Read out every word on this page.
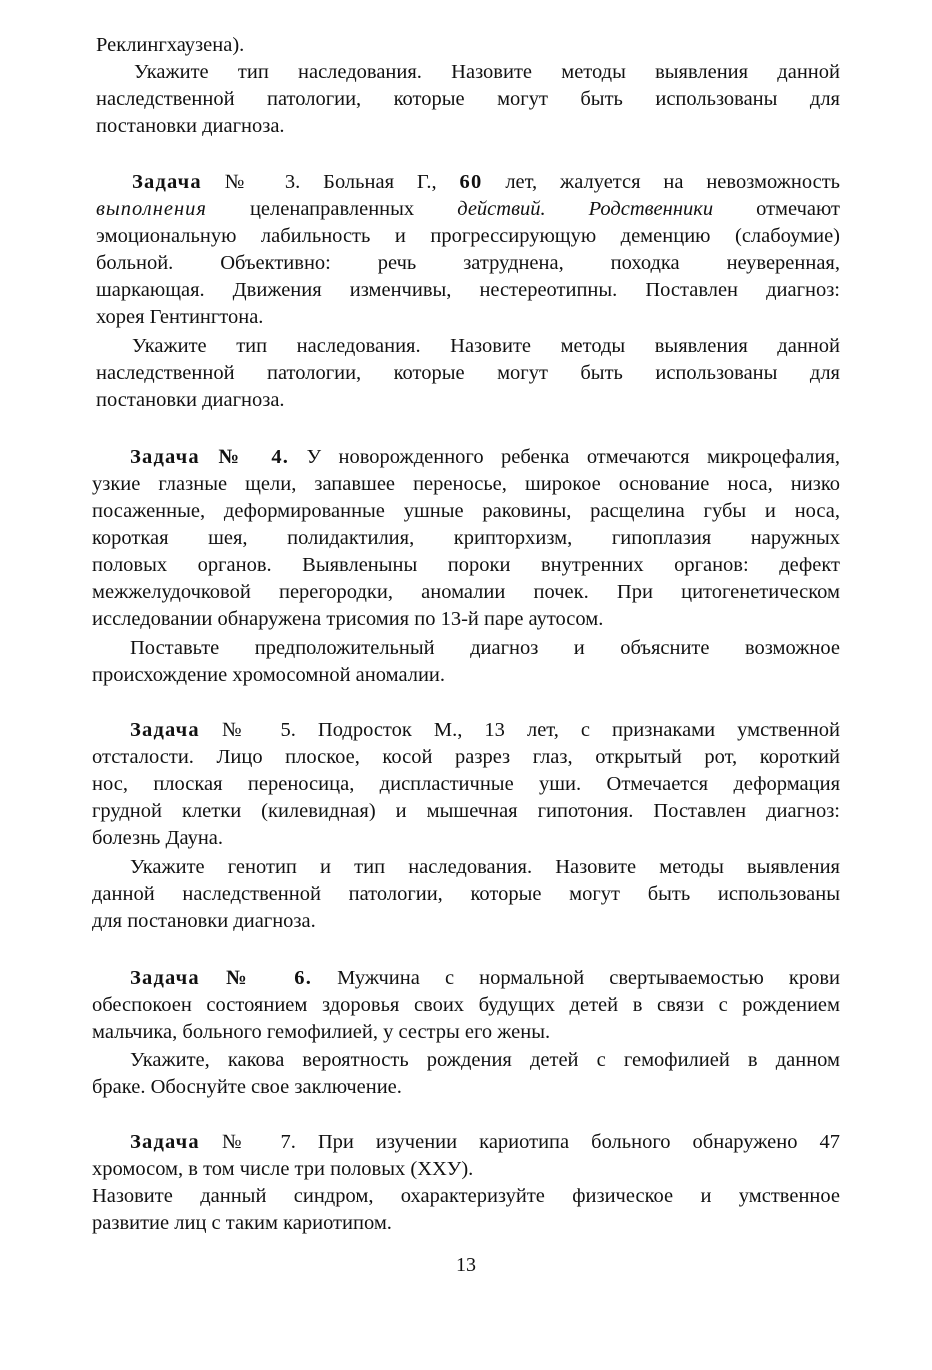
Реклингхаузена).
Укажите тип наследования. Назовите методы выявления данной
наследственной патологии, которые могут быть использованы для
постановки диагноза.
Задача № 3. Больная Г., 60 лет, жалуется на невозможность
выполнения целенаправленных действий. Родственники отмечают
эмоциональную лабильность и прогрессирующую деменцию (слабоумие)
больной. Объективно: речь затруднена, походка неуверенная,
шаркающая. Движения изменчивы, нестереотипны. Поставлен диагноз:
хорея Гентингтона.
Укажите тип наследования. Назовите методы выявления данной
наследственной патологии, которые могут быть использованы для
постановки диагноза.
Задача № 4. У новорожденного ребенка отмечаются микроцефалия,
узкие глазные щели, запавшее переносье, широкое основание носа, низко
посаженные, деформированные ушные раковины, расщелина губы и носа,
короткая шея, полидактилия, крипторхизм, гипоплазия наружных
половых органов. Выявленыны пороки внутренних органов: дефект
межжелудочковой перегородки, аномалии почек. При цитогенетическом
исследовании обнаружена трисомия по 13-й паре аутосом.
Поставьте предположительный диагноз и объясните возможное
происхождение хромосомной аномалии.
Задача № 5. Подросток М., 13 лет, с признаками умственной
отсталости. Лицо плоское, косой разрез глаз, открытый рот, короткий
нос, плоская переносица, диспластичные уши. Отмечается деформация
грудной клетки (килевидная) и мышечная гипотония. Поставлен диагноз:
болезнь Дауна.
Укажите генотип и тип наследования. Назовите методы выявления
данной наследственной патологии, которые могут быть использованы
для постановки диагноза.
Задача № 6. Мужчина с нормальной свертываемостью крови
обеспокоен состоянием здоровья своих будущих детей в связи с рождением
мальчика, больного гемофилией, у сестры его жены.
Укажите, какова вероятность рождения детей с гемофилией в данном
браке. Обоснуйте свое заключение.
Задача № 7. При изучении кариотипа больного обнаружено 47
хромосом, в том числе три половых (ХХУ).
Назовите данный синдром, охарактеризуйте физическое и умственное
развитие лиц с таким кариотипом.
13
